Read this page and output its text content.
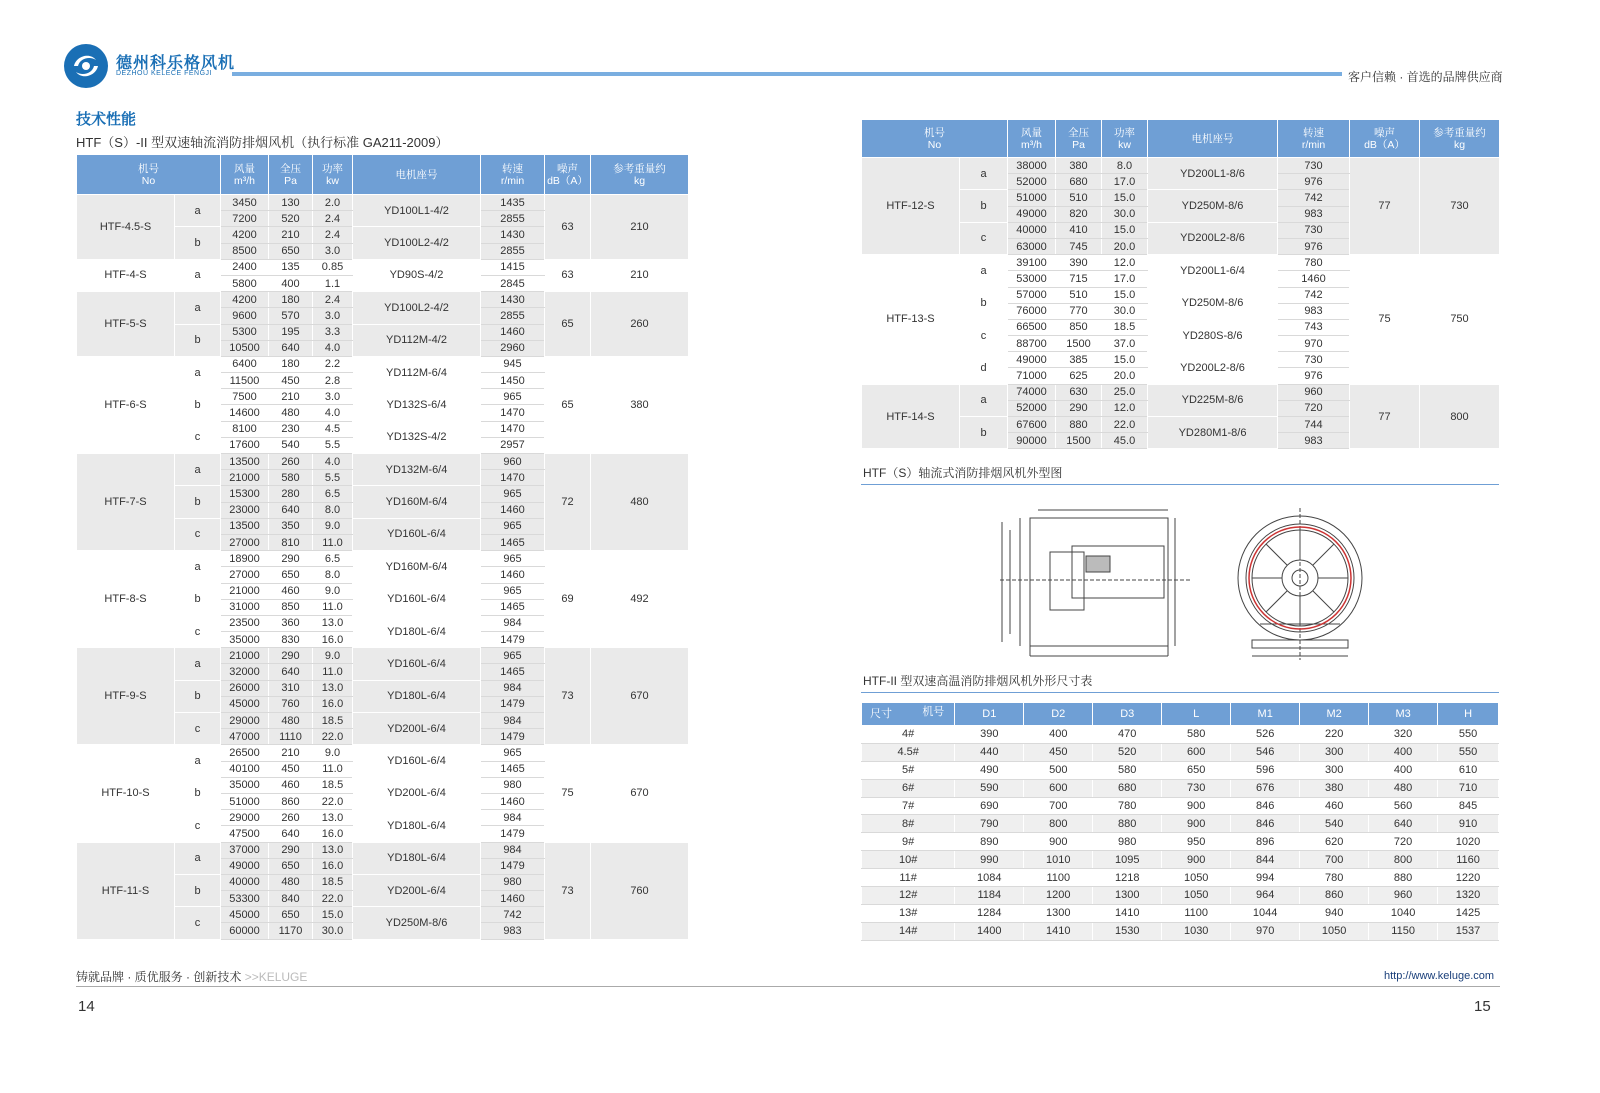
德州科乐格风机
DEZHOU KELECE FENGJI	客户信赖 · 首选的品牌供应商
技术性能
HTF（S）-II 型双速轴流消防排烟风机（执行标准 GA211-2009）
机号
No		风量
m³/h	全压
Pa	功率
kw	电机座号	转速
r/min	噪声
dB（A）	参考重量约
kg
HTF-4.5-S	a	3450	130	2.0	YD100L1-4/2	1435	63	210
		7200	520	2.4		2855		
	b	4200	210	2.4	YD100L2-4/2	1430		
		8500	650	3.0		2855		
HTF-4-S	a	2400	135	0.85	YD90S-4/2	1415	63	210
		5800	400	1.1		2845		
HTF-5-S	a	4200	180	2.4	YD100L2-4/2	1430	65	260
		9600	570	3.0		2855		
	b	5300	195	3.3	YD112M-4/2	1460		
		10500	640	4.0		2960		
HTF-6-S	a	6400	180	2.2	YD112M-6/4	945	65	380
		11500	450	2.8		1450		
	b	7500	210	3.0	YD132S-6/4	965		
		14600	480	4.0		1470		
	c	8100	230	4.5	YD132S-4/2	1470		
		17600	540	5.5		2957		
HTF-7-S	a	13500	260	4.0	YD132M-6/4	960	72	480
		21000	580	5.5		1470		
	b	15300	280	6.5	YD160M-6/4	965		
		23000	640	8.0		1460		
	c	13500	350	9.0	YD160L-6/4	965		
		27000	810	11.0		1465		
HTF-8-S	a	18900	290	6.5	YD160M-6/4	965	69	492
		27000	650	8.0		1460		
	b	21000	460	9.0	YD160L-6/4	965		
		31000	850	11.0		1465		
	c	23500	360	13.0	YD180L-6/4	984		
		35000	830	16.0		1479		
HTF-9-S	a	21000	290	9.0	YD160L-6/4	965	73	670
		32000	640	11.0		1465		
	b	26000	310	13.0	YD180L-6/4	984		
		45000	760	16.0		1479		
	c	29000	480	18.5	YD200L-6/4	984		
		47000	1110	22.0		1479		
HTF-10-S	a	26500	210	9.0	YD160L-6/4	965	75	670
		40100	450	11.0		1465		
	b	35000	460	18.5	YD200L-6/4	980		
		51000	860	22.0		1460		
	c	29000	260	13.0	YD180L-6/4	984		
		47500	640	16.0		1479		
HTF-11-S	a	37000	290	13.0	YD180L-6/4	984	73	760
		49000	650	16.0		1479		
	b	40000	480	18.5	YD200L-6/4	980		
		53300	840	22.0		1460		
	c	45000	650	15.0	YD250M-8/6	742		
		60000	1170	30.0		983		
机号
No		风量
m³/h	全压
Pa	功率
kw	电机座号	转速
r/min	噪声
dB（A）	参考重量约
kg
HTF-12-S	a	38000	380	8.0	YD200L1-8/6	730	77	730
		52000	680	17.0		976		
	b	51000	510	15.0	YD250M-8/6	742		
		49000	820	30.0		983		
	c	40000	410	15.0	YD200L2-8/6	730		
		63000	745	20.0		976		
HTF-13-S	a	39100	390	12.0	YD200L1-6/4	780	75	750
		53000	715	17.0		1460		
	b	57000	510	15.0	YD250M-8/6	742		
		76000	770	30.0		983		
	c	66500	850	18.5	YD280S-8/6	743		
		88700	1500	37.0		970		
	d	49000	385	15.0	YD200L2-8/6	730		
		71000	625	20.0		976		
HTF-14-S	a	74000	630	25.0	YD225M-8/6	960	77	800
		52000	290	12.0		720		
	b	67600	880	22.0	YD280M1-8/6	744		
		90000	1500	45.0		983		
HTF（S）轴流式消防排烟风机外型图
HTF-II 型双速高温消防排烟风机外形尺寸表
尺寸 机号	D1	D2	D3	L	M1	M2	M3	H
4#	390	400	470	580	526	220	320	550
4.5#	440	450	520	600	546	300	400	550
5#	490	500	580	650	596	300	400	610
6#	590	600	680	730	676	380	480	710
7#	690	700	780	900	846	460	560	845
8#	790	800	880	900	846	540	640	910
9#	890	900	980	950	896	620	720	1020
10#	990	1010	1095	900	844	700	800	1160
11#	1084	1100	1218	1050	994	780	880	1220
12#	1184	1200	1300	1050	964	860	960	1320
13#	1284	1300	1410	1100	1044	940	1040	1425
14#	1400	1410	1530	1030	970	1050	1150	1537
铸就品牌 · 质优服务 · 创新技术 >>KELUGE	http://www.keluge.com
14	15
